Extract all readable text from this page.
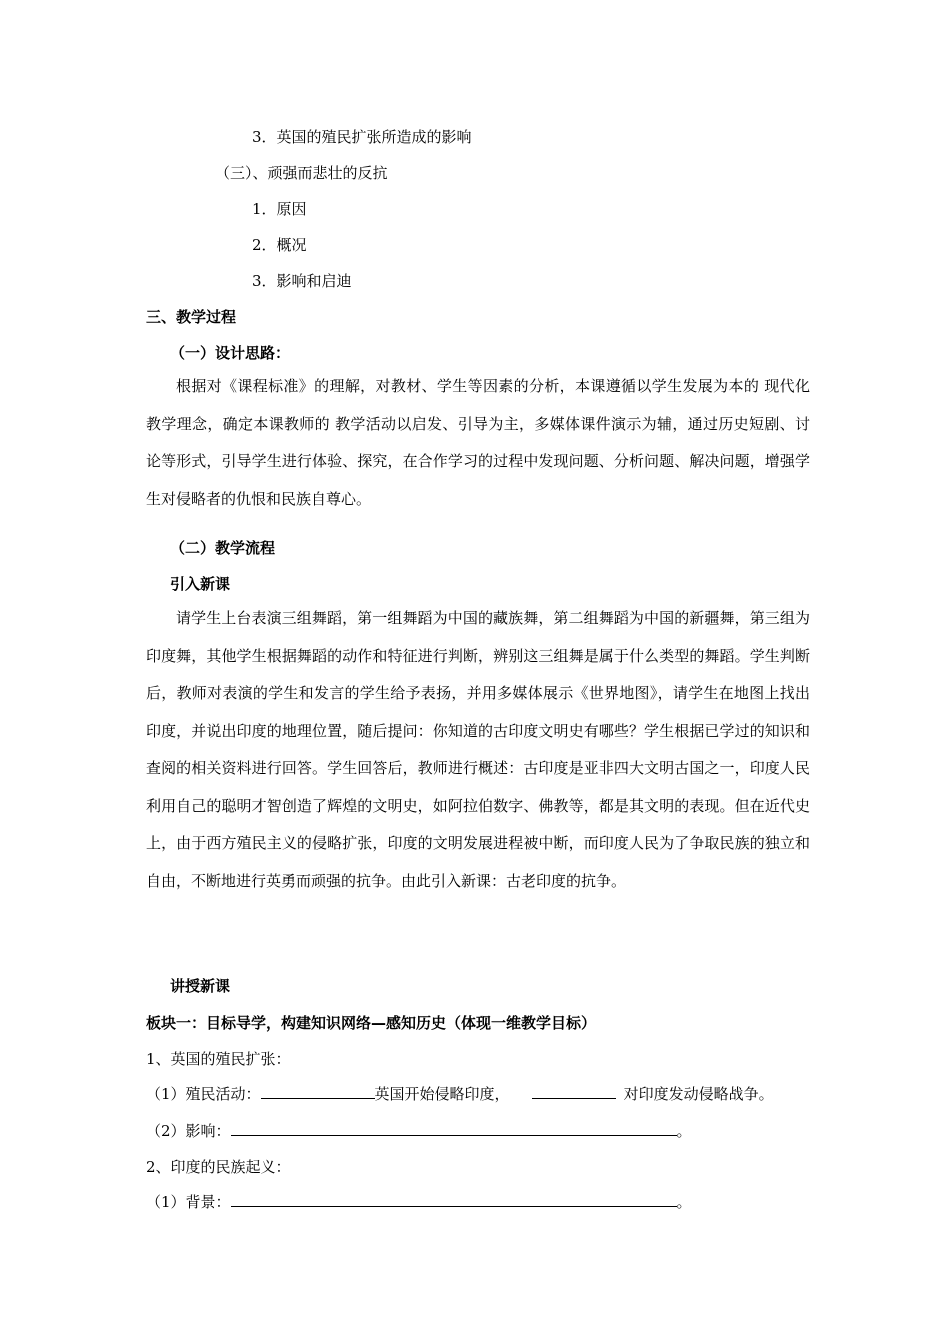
3．英国的殖民扩张所造成的影响
（三）、顽强而悲壮的反抗
1．原因
2．概况
3．影响和启迪
三、教学过程
（一）设计思路：
根据对《课程标准》的理解，对教材、学生等因素的分析，本课遵循以学生发展为本的 现代化教学理念，确定本课教师的 教学活动以启发、引导为主，多媒体课件演示为辅，通过历史短剧、讨论等形式，引导学生进行体验、探究，在合作学习的过程中发现问题、分析问题、解决问题，增强学生对侵略者的仇恨和民族自尊心。
（二）教学流程
引入新课
请学生上台表演三组舞蹈，第一组舞蹈为中国的藏族舞，第二组舞蹈为中国的新疆舞，第三组为印度舞，其他学生根据舞蹈的动作和特征进行判断，辨别这三组舞是属于什么类型的舞蹈。学生判断后，教师对表演的学生和发言的学生给予表扬，并用多媒体展示《世界地图》，请学生在地图上找出印度，并说出印度的地理位置，随后提问：你知道的古印度文明史有哪些？学生根据已学过的知识和查阅的相关资料进行回答。学生回答后，教师进行概述：古印度是亚非四大文明古国之一，印度人民利用自己的聪明才智创造了辉煌的文明史，如阿拉伯数字、佛教等，都是其文明的表现。但在近代史上，由于西方殖民主义的侵略扩张，印度的文明发展进程被中断，而印度人民为了争取民族的独立和自由，不断地进行英勇而顽强的抗争。由此引入新课：古老印度的抗争。
讲授新课
板块一：目标导学，构建知识网络—感知历史（体现一维教学目标）
1、英国的殖民扩张：
（1）殖民活动：	英国开始侵略印度，	对印度发动侵略战争。
（2）影响：	。
2、印度的民族起义：
（1）背景：	。
